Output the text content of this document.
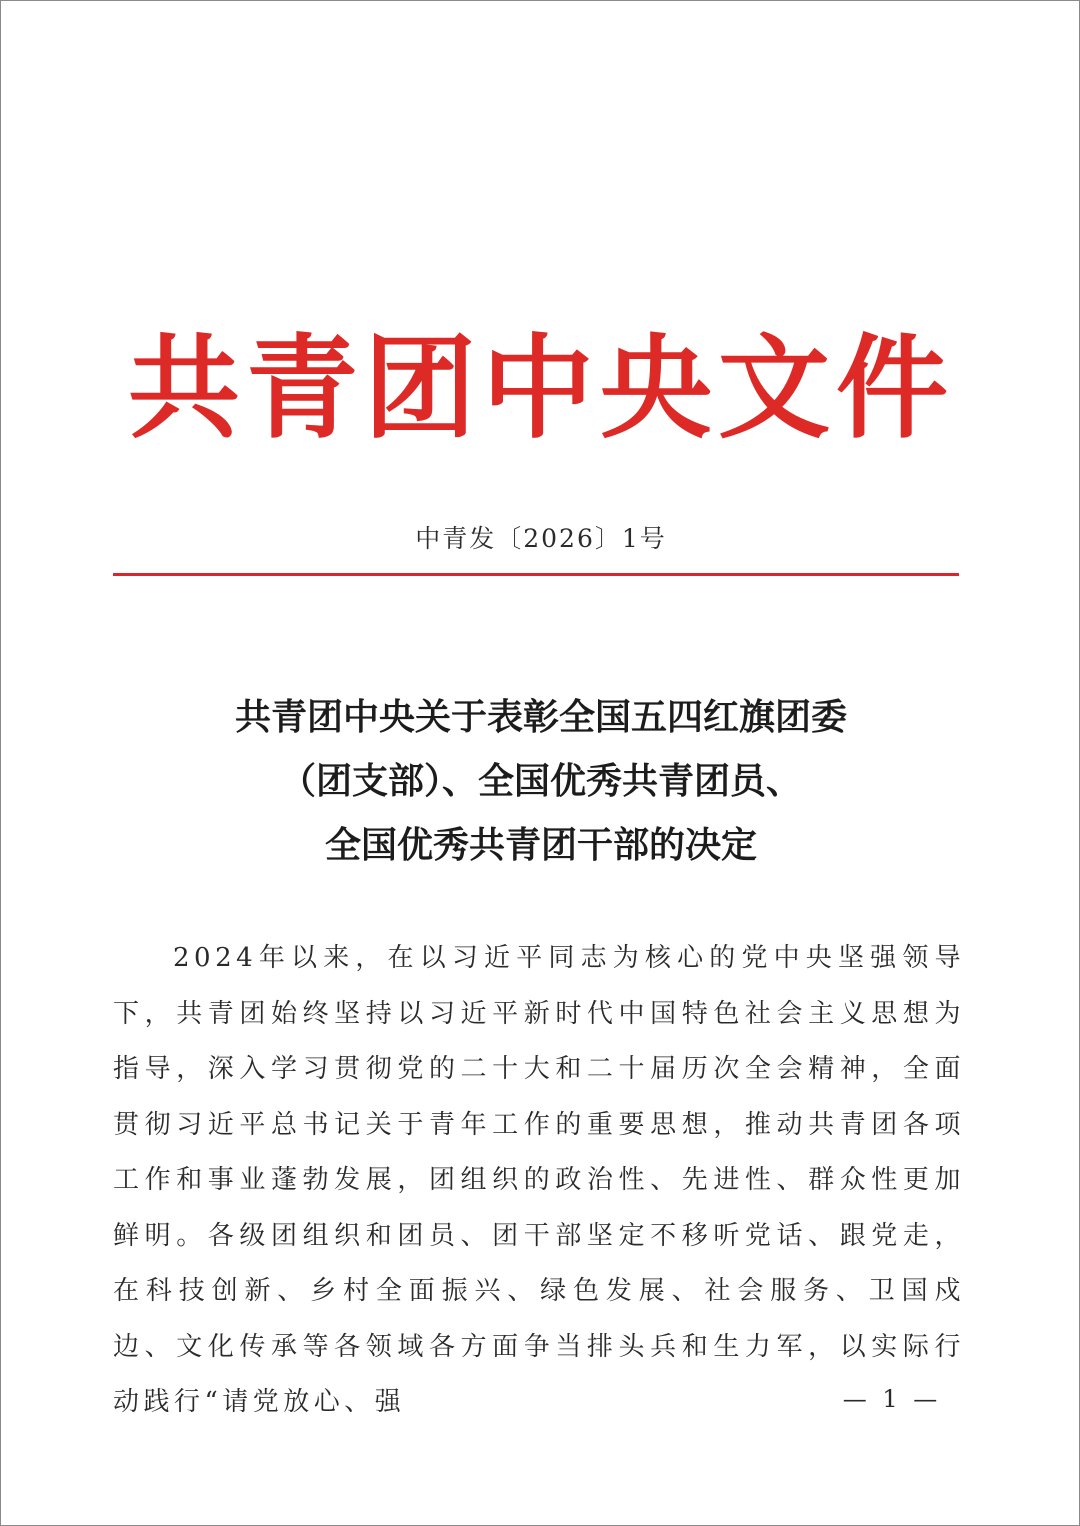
共青团中央文件
中青发〔2026〕1号
共青团中央关于表彰全国五四红旗团委
（团支部）、全国优秀共青团员、
全国优秀共青团干部的决定

2024年以来，在以习近平同志为核心的党中央坚强领导下，共青团始终坚持以习近平新时代中国特色社会主义思想为指导，深入学习贯彻党的二十大和二十届历次全会精神，全面贯彻习近平总书记关于青年工作的重要思想，推动共青团各项工作和事业蓬勃发展，团组织的政治性、先进性、群众性更加鲜明。各级团组织和团员、团干部坚定不移听党话、跟党走，在科技创新、乡村全面振兴、绿色发展、社会服务、卫国戍边、文化传承等各领域各方面争当排头兵和生力军，以实际行动践行“请党放心、强	— 1 —
